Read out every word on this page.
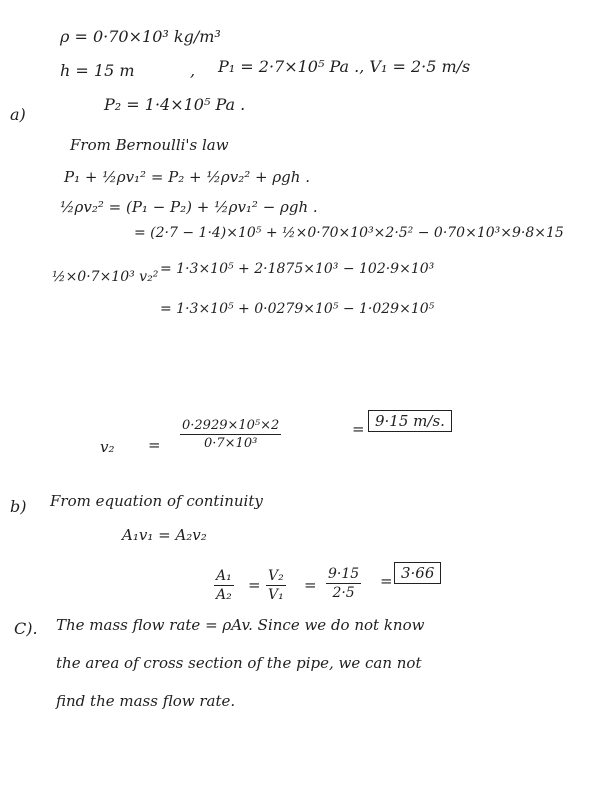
ρ = 0·70×10³ kg/m³
h = 15 m	, P₁ = 2·7×10⁵ Pa ., V₁ = 2·5 m/s
a)
P₂ = 1·4×10⁵ Pa .
From Bernoulli's law
P₁ + ½ρv₁² = P₂ + ½ρv₂² + ρgh .
½ρv₂² = (P₁ − P₂) + ½ρv₁² − ρgh .
= (2·7 − 1·4)×10⁵ + ½×0·70×10³×2·5² − 0·70×10³×9·8×15
½×0·7×10³ v₂² = 1·3×10⁵ + 2·1875×10³ − 102·9×10³
= 1·3×10⁵ + 0·0279×10⁵ − 1·029×10⁵
v₂ =
0·2929×10⁵×2
0·7×10³
= 9·15 m/s.
b) From equation of continuity
A₁v₁ = A₂v₂
A₁
A₂
= V₂
V₁
=
9·15
2·5
= 3·66
C). The mass flow rate = ρAv. Since we do not know
the area of cross section of the pipe, we can not
find the mass flow rate.
